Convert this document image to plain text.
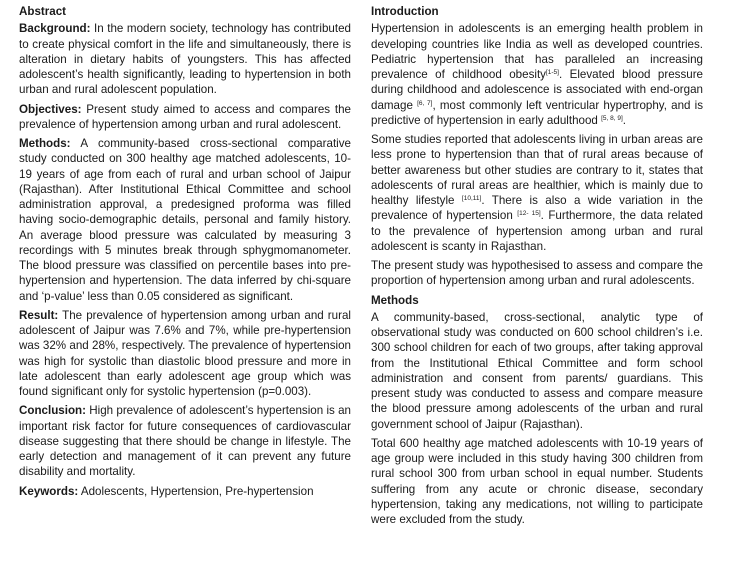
Abstract

Background: In the modern society, technology has contributed to create physical comfort in the life and simultaneously, there is alteration in dietary habits of youngsters. This has affected adolescent’s health significantly, leading to hypertension in both urban and rural adolescent population.

Objectives: Present study aimed to access and compares the prevalence of hypertension among urban and rural adolescent.

Methods: A community-based cross-sectional comparative study conducted on 300 healthy age matched adolescents, 10-19 years of age from each of rural and urban school of Jaipur (Rajasthan). After Institutional Ethical Committee and school administration approval, a predesigned proforma was filled having socio-demographic details, personal and family history. An average blood pressure was calculated by measuring 3 recordings with 5 minutes break through sphygmomanometer. The blood pressure was classified on percentile bases into pre-hypertension and hypertension. The data inferred by chi-square and ‘p-value’ less than 0.05 considered as significant.

Result: The prevalence of hypertension among urban and rural adolescent of Jaipur was 7.6% and 7%, while pre-hypertension was 32% and 28%, respectively. The prevalence of hypertension was high for systolic than diastolic blood pressure and more in late adolescent than early adolescent age group which was found significant only for systolic hypertension (p=0.003).

Conclusion: High prevalence of adolescent’s hypertension is an important risk factor for future consequences of cardiovascular disease suggesting that there should be change in lifestyle. The early detection and management of it can prevent any future disability and mortality.

Keywords: Adolescents, Hypertension, Pre-hypertension

Introduction

Hypertension in adolescents is an emerging health problem in developing countries like India as well as developed countries. Pediatric hypertension that has paralleled an increasing prevalence of childhood obesity[1-5]. Elevated blood pressure during childhood and adolescence is associated with end-organ damage [6, 7], most commonly left ventricular hypertrophy, and is predictive of hypertension in early adulthood [5, 8, 9].

Some studies reported that adolescents living in urban areas are less prone to hypertension than that of rural areas because of better awareness but other studies are contrary to it, states that adolescents of rural areas are healthier, which is mainly due to healthy lifestyle [10,11]. There is also a wide variation in the prevalence of hypertension [12- 15]. Furthermore, the data related to the prevalence of hypertension among urban and rural adolescent is scanty in Rajasthan.

The present study was hypothesised to assess and compare the proportion of hypertension among urban and rural adolescents.

Methods

A community-based, cross-sectional, analytic type of observational study was conducted on 600 school children’s i.e. 300 school children for each of two groups, after taking approval from the Institutional Ethical Committee and form school administration and consent from parents/ guardians. This present study was conducted to assess and compare measure the blood pressure among adolescents of the urban and rural government school of Jaipur (Rajasthan).

Total 600 healthy age matched adolescents with 10-19 years of age group were included in this study having 300 children from rural school 300 from urban school in equal number. Students suffering from any acute or chronic disease, secondary hypertension, taking any medications, not willing to participate were excluded from the study.
